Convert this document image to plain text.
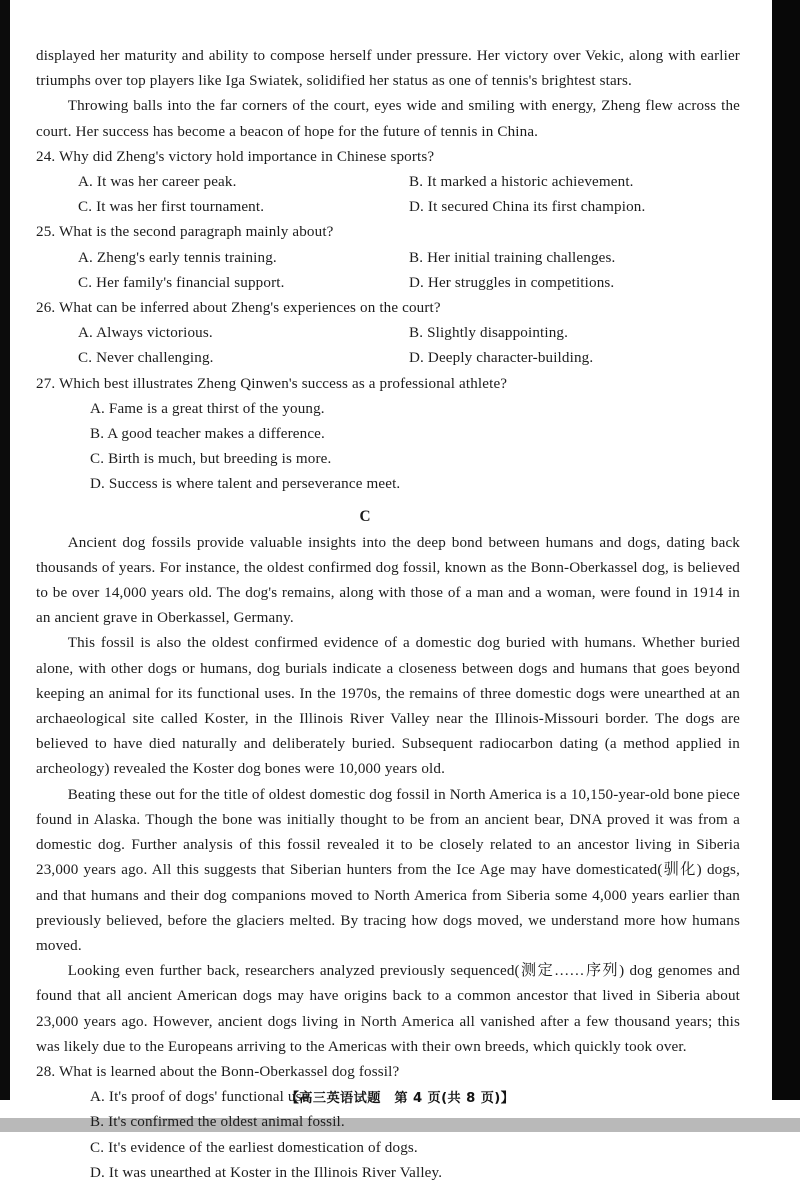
displayed her maturity and ability to compose herself under pressure. Her victory over Vekic, along with earlier triumphs over top players like Iga Swiatek, solidified her status as one of tennis's brightest stars.

Throwing balls into the far corners of the court, eyes wide and smiling with energy, Zheng flew across the court. Her success has become a beacon of hope for the future of tennis in China.

24. Why did Zheng's victory hold importance in Chinese sports?
A. It was her career peak.
C. It was her first tournament.
B. It marked a historic achievement.
D. It secured China its first champion.
25. What is the second paragraph mainly about?
A. Zheng's early tennis training.
C. Her family's financial support.
B. Her initial training challenges.
D. Her struggles in competitions.
26. What can be inferred about Zheng's experiences on the court?
A. Always victorious.
C. Never challenging.
B. Slightly disappointing.
D. Deeply character-building.
27. Which best illustrates Zheng Qinwen's success as a professional athlete?
A. Fame is a great thirst of the young.
B. A good teacher makes a difference.
C. Birth is much, but breeding is more.
D. Success is where talent and perseverance meet.
C

Ancient dog fossils provide valuable insights into the deep bond between humans and dogs, dating back thousands of years. For instance, the oldest confirmed dog fossil, known as the Bonn-Oberkassel dog, is believed to be over 14,000 years old. The dog's remains, along with those of a man and a woman, were found in 1914 in an ancient grave in Oberkassel, Germany.

This fossil is also the oldest confirmed evidence of a domestic dog buried with humans. Whether buried alone, with other dogs or humans, dog burials indicate a closeness between dogs and humans that goes beyond keeping an animal for its functional uses. In the 1970s, the remains of three domestic dogs were unearthed at an archaeological site called Koster, in the Illinois River Valley near the Illinois-Missouri border. The dogs are believed to have died naturally and deliberately buried. Subsequent radiocarbon dating (a method applied in archeology) revealed the Koster dog bones were 10,000 years old.

Beating these out for the title of oldest domestic dog fossil in North America is a 10,150-year-old bone piece found in Alaska. Though the bone was initially thought to be from an ancient bear, DNA proved it was from a domestic dog. Further analysis of this fossil revealed it to be closely related to an ancestor living in Siberia 23,000 years ago. All this suggests that Siberian hunters from the Ice Age may have domesticated(驯化) dogs, and that humans and their dog companions moved to North America from Siberia some 4,000 years earlier than previously believed, before the glaciers melted. By tracing how dogs moved, we understand more how humans moved.

Looking even further back, researchers analyzed previously sequenced(测定……序列) dog genomes and found that all ancient American dogs may have origins back to a common ancestor that lived in Siberia about 23,000 years ago. However, ancient dogs living in North America all vanished after a few thousand years; this was likely due to the Europeans arriving to the Americas with their own breeds, which quickly took over.

28. What is learned about the Bonn-Oberkassel dog fossil?
A. It's proof of dogs' functional use.
B. It's confirmed the oldest animal fossil.
C. It's evidence of the earliest domestication of dogs.
D. It was unearthed at Koster in the Illinois River Valley.
【高三英语试题　第 4 页(共 8 页)】
